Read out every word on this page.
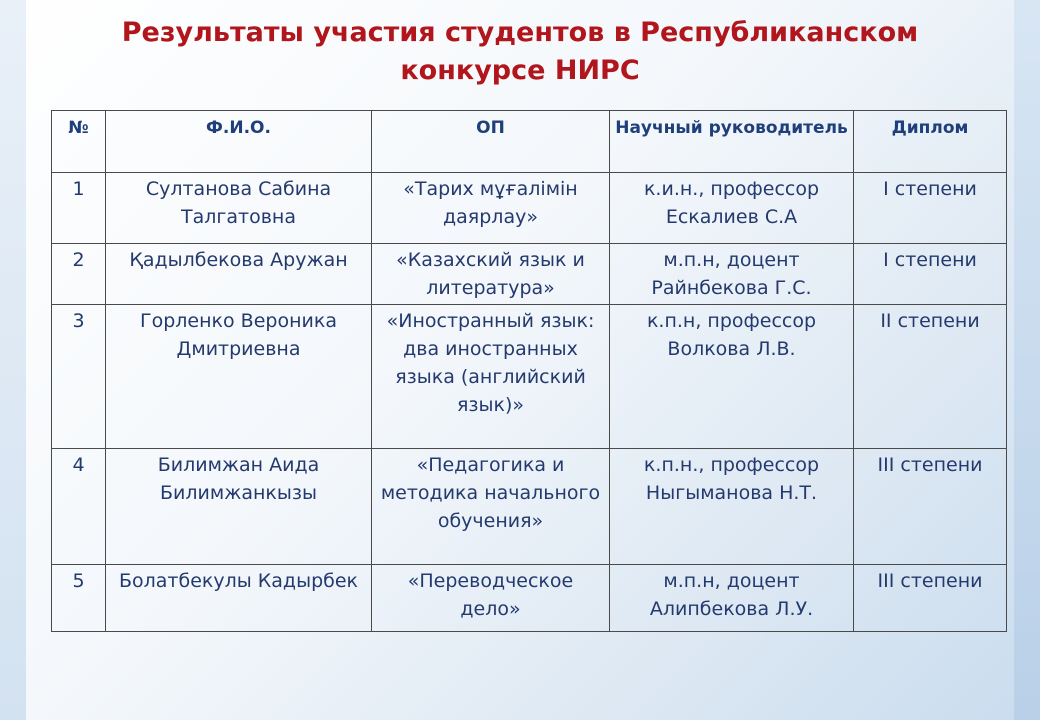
Результаты участия студентов в Республиканском
конкурсе НИРС
№	Ф.И.О.	ОП	Научный руководитель	Диплом
1	Султанова Сабина Талгатовна	«Тарих мұғалімін даярлау»	к.и.н., профессор Ескалиев С.А	I степени
2	Қадылбекова Аружан	«Казахский язык и литература»	м.п.н, доцент Райнбекова Г.С.	I степени
3	Горленко Вероника Дмитриевна	«Иностранный язык: два иностранных языка (английский язык)»	к.п.н, профессор Волкова Л.В.	II степени
4	Билимжан Аида Билимжанкызы	«Педагогика и методика начального обучения»	к.п.н., профессор Ныгыманова Н.Т.	III степени
5	Болатбекулы Кадырбек	«Переводческое дело»	м.п.н, доцент Алипбекова Л.У.	III степени
